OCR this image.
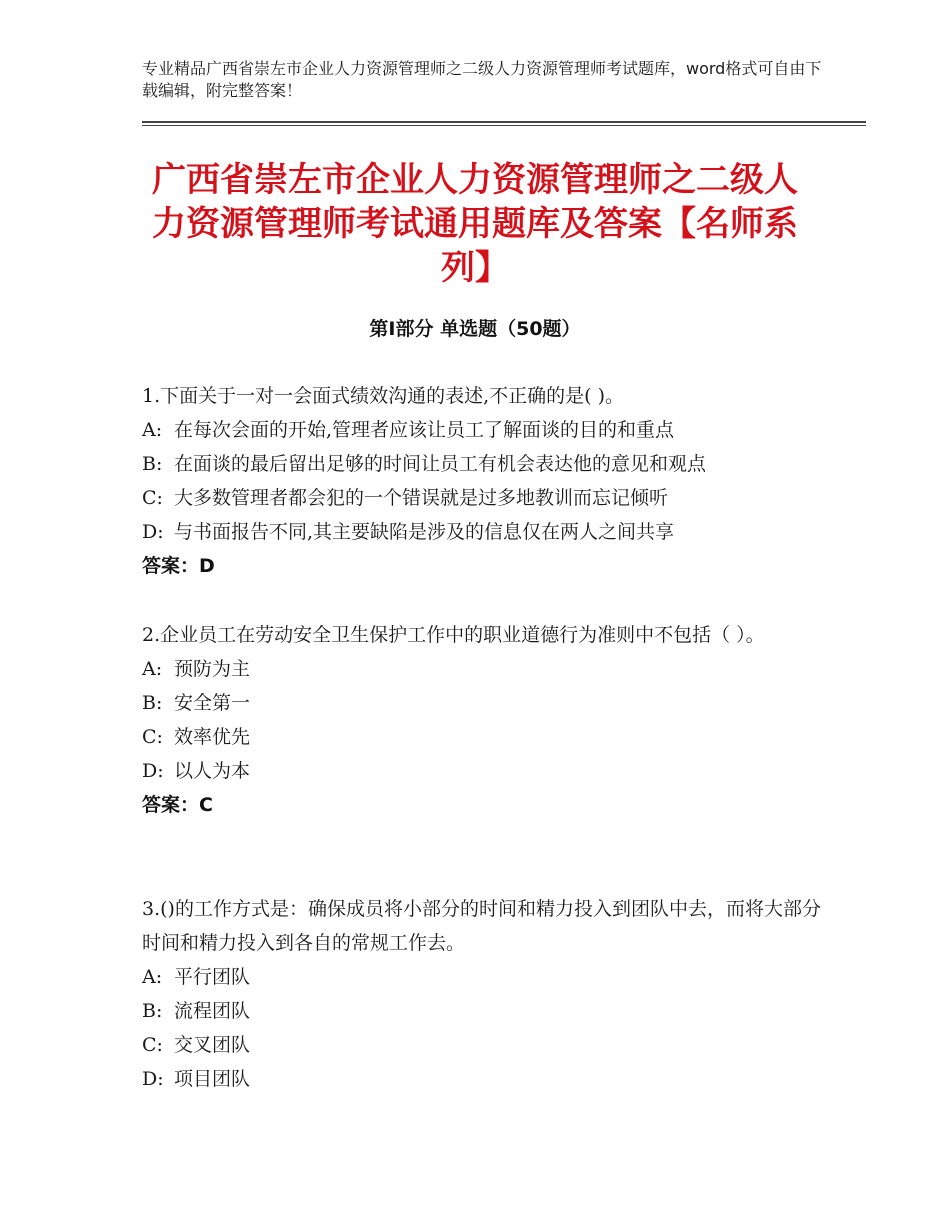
专业精品广西省崇左市企业人力资源管理师之二级人力资源管理师考试题库，word格式可自由下载编辑，附完整答案！
广西省崇左市企业人力资源管理师之二级人力资源管理师考试通用题库及答案【名师系列】
第Ⅰ部分 单选题（50题）
1.下面关于一对一会面式绩效沟通的表述,不正确的是( )。
A: 在每次会面的开始,管理者应该让员工了解面谈的目的和重点
B: 在面谈的最后留出足够的时间让员工有机会表达他的意见和观点
C: 大多数管理者都会犯的一个错误就是过多地教训而忘记倾听
D: 与书面报告不同,其主要缺陷是涉及的信息仅在两人之间共享
答案：D
2.企业员工在劳动安全卫生保护工作中的职业道德行为准则中不包括（ ）。
A: 预防为主
B: 安全第一
C: 效率优先
D: 以人为本
答案：C
3.()的工作方式是：确保成员将小部分的时间和精力投入到团队中去，而将大部分时间和精力投入到各自的常规工作去。
A: 平行团队
B: 流程团队
C: 交叉团队
D: 项目团队
